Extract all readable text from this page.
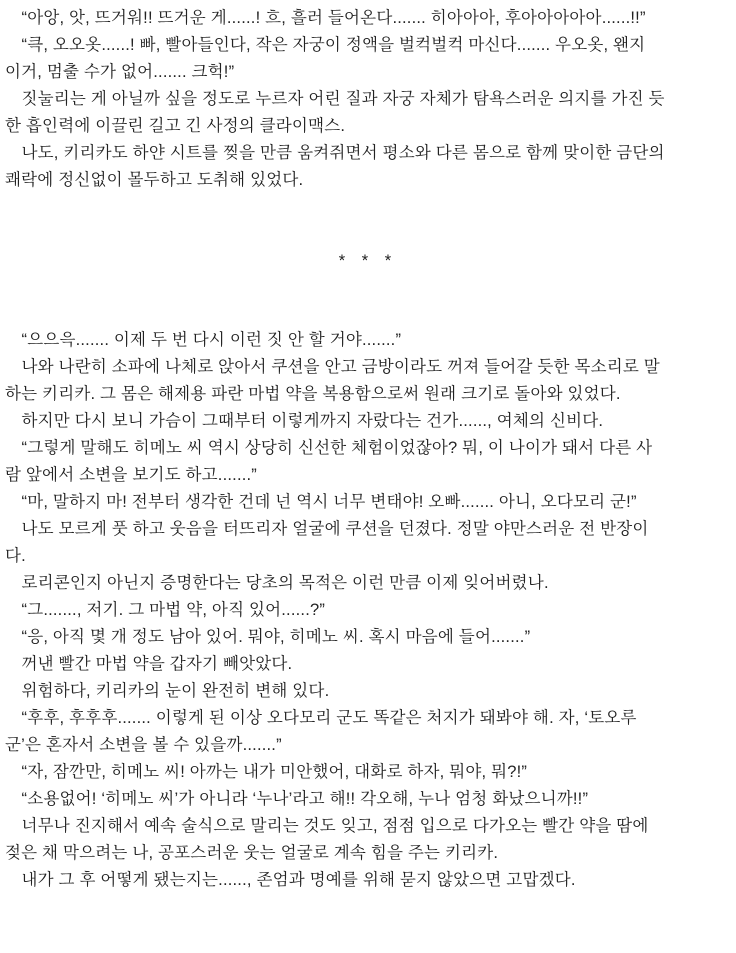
“아앙, 앗, 뜨거워!! 뜨거운 게......! 흐, 흘러 들어온다....... 히아아아, 후아아아아아......!!”
“큭, 오오옷......! 빠, 빨아들인다, 작은 자궁이 정액을 벌컥벌컥 마신다....... 우오옷, 왠지
이거, 멈출 수가 없어....... 크헉!”
짓눌리는 게 아닐까 싶을 정도로 누르자 어린 질과 자궁 자체가 탐욕스러운 의지를 가진 듯
한 흡인력에 이끌린 길고 긴 사정의 클라이맥스.
나도, 키리카도 하얀 시트를 찢을 만큼 움켜쥐면서 평소와 다른 몸으로 함께 맞이한 금단의
쾌락에 정신없이 몰두하고 도취해 있었다.
* * *
“으으윽....... 이제 두 번 다시 이런 짓 안 할 거야.......”
나와 나란히 소파에 나체로 앉아서 쿠션을 안고 금방이라도 꺼져 들어갈 듯한 목소리로 말
하는 키리카. 그 몸은 해제용 파란 마법 약을 복용함으로써 원래 크기로 돌아와 있었다.
하지만 다시 보니 가슴이 그때부터 이렇게까지 자랐다는 건가......, 여체의 신비다.
“그렇게 말해도 히메노 씨 역시 상당히 신선한 체험이었잖아? 뭐, 이 나이가 돼서 다른 사
람 앞에서 소변을 보기도 하고.......”
“마, 말하지 마! 전부터 생각한 건데 넌 역시 너무 변태야! 오빠....... 아니, 오다모리 군!”
나도 모르게 풋 하고 웃음을 터뜨리자 얼굴에 쿠션을 던졌다. 정말 야만스러운 전 반장이
다.
로리콘인지 아닌지 증명한다는 당초의 목적은 이런 만큼 이제 잊어버렸나.
“그......., 저기. 그 마법 약, 아직 있어......?”
“응, 아직 몇 개 정도 남아 있어. 뭐야, 히메노 씨. 혹시 마음에 들어.......”
꺼낸 빨간 마법 약을 갑자기 빼앗았다.
위험하다, 키리카의 눈이 완전히 변해 있다.
“후후, 후후후....... 이렇게 된 이상 오다모리 군도 똑같은 처지가 돼봐야 해. 자, ‘토오루
군’은 혼자서 소변을 볼 수 있을까.......”
“자, 잠깐만, 히메노 씨! 아까는 내가 미안했어, 대화로 하자, 뭐야, 뭐?!”
“소용없어! ‘히메노 씨’가 아니라 ‘누나’라고 해!! 각오해, 누나 엄청 화났으니까!!”
너무나 진지해서 예속 술식으로 말리는 것도 잊고, 점점 입으로 다가오는 빨간 약을 땀에
젖은 채 막으려는 나, 공포스러운 웃는 얼굴로 계속 힘을 주는 키리카.
내가 그 후 어떻게 됐는지는......, 존엄과 명예를 위해 묻지 않았으면 고맙겠다.
